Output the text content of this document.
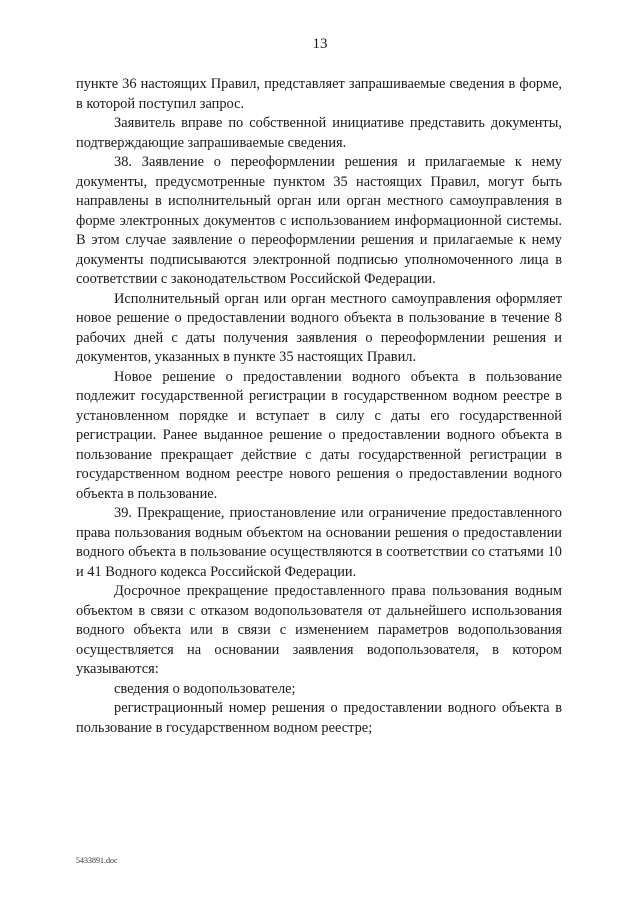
13

пункте 36 настоящих Правил, представляет запрашиваемые сведения в форме, в которой поступил запрос.

Заявитель вправе по собственной инициативе представить документы, подтверждающие запрашиваемые сведения.

38. Заявление о переоформлении решения и прилагаемые к нему документы, предусмотренные пунктом 35 настоящих Правил, могут быть направлены в исполнительный орган или орган местного самоуправления в форме электронных документов с использованием информационной системы. В этом случае заявление о переоформлении решения и прилагаемые к нему документы подписываются электронной подписью уполномоченного лица в соответствии с законодательством Российской Федерации.

Исполнительный орган или орган местного самоуправления оформляет новое решение о предоставлении водного объекта в пользование в течение 8 рабочих дней с даты получения заявления о переоформлении решения и документов, указанных в пункте 35 настоящих Правил.

Новое решение о предоставлении водного объекта в пользование подлежит государственной регистрации в государственном водном реестре в установленном порядке и вступает в силу с даты его государственной регистрации. Ранее выданное решение о предоставлении водного объекта в пользование прекращает действие с даты государственной регистрации в государственном водном реестре нового решения о предоставлении водного объекта в пользование.

39. Прекращение, приостановление или ограничение предоставленного права пользования водным объектом на основании решения о предоставлении водного объекта в пользование осуществляются в соответствии со статьями 10 и 41 Водного кодекса Российской Федерации.

Досрочное прекращение предоставленного права пользования водным объектом в связи с отказом водопользователя от дальнейшего использования водного объекта или в связи с изменением параметров водопользования осуществляется на основании заявления водопользователя, в котором указываются:

сведения о водопользователе;

регистрационный номер решения о предоставлении водного объекта в пользование в государственном водном реестре;

5433891.doc
